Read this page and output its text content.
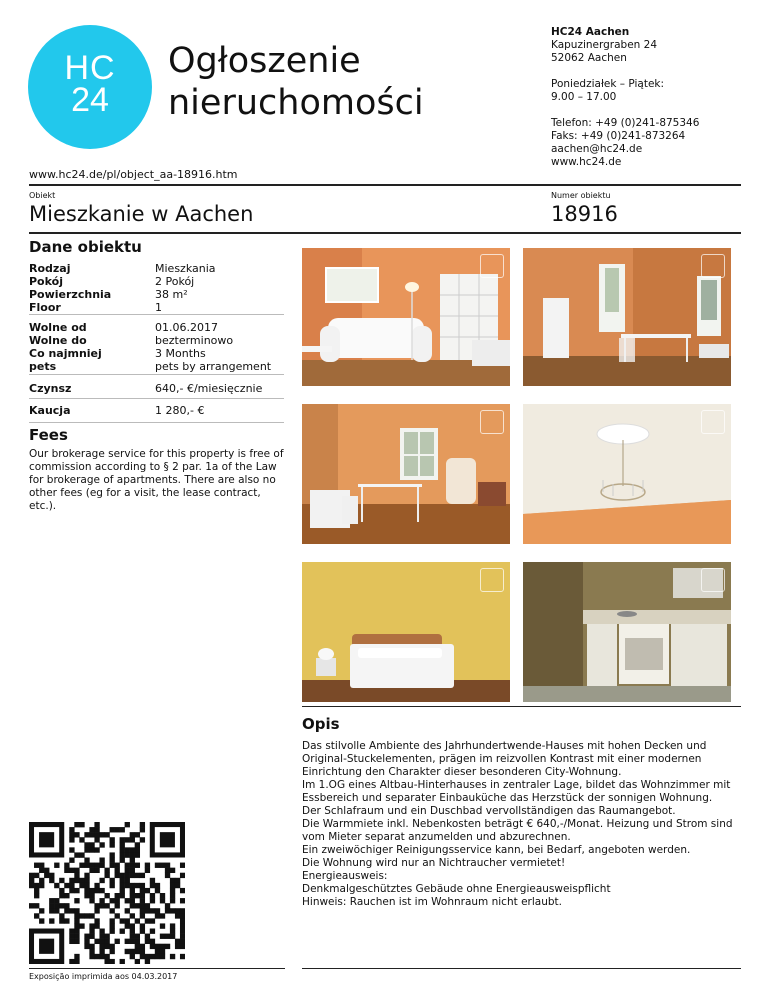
HC
24
Ogłoszenie
nieruchomości
HC24 Aachen
Kapuzinergraben 24
52062 Aachen
Poniedziałek – Piątek:
9.00 – 17.00
Telefon: +49 (0)241-875346
Faks: +49 (0)241-873264
aachen@hc24.de
www.hc24.de
www.hc24.de/pl/object_aa-18916.htm
Obiekt
Mieszkanie w Aachen
Numer obiektu
18916
Dane obiektu
Rodzaj	Mieszkania
Pokój	2 Pokój
Powierzchnia	38 m²
Floor	1
Wolne od	01.06.2017
Wolne do	bezterminowo
Co najmniej	3 Months
pets	pets by arrangement
Czynsz	640,- €/miesięcznie
Kaucja	1 280,- €
Fees
Our brokerage service for this property is free of commission according to § 2 par. 1a of the Law for brokerage of apartments. There are also no other fees (eg for a visit, the lease contract, etc.).
Opis
Das stilvolle Ambiente des Jahrhundertwende-Hauses mit hohen Decken und
Original-Stuckelementen, prägen im reizvollen Kontrast mit einer modernen
Einrichtung den Charakter dieser besonderen City-Wohnung.
Im 1.OG eines Altbau-Hinterhauses in zentraler Lage, bildet das Wohnzimmer mit
Essbereich und separater Einbauküche das Herzstück der sonnigen Wohnung.
Der Schlafraum und ein Duschbad vervollständigen das Raumangebot.
Die Warmmiete inkl. Nebenkosten beträgt € 640,-/Monat. Heizung und Strom sind
vom Mieter separat anzumelden und abzurechnen.
Ein zweiwöchiger Reinigungsservice kann, bei Bedarf, angeboten werden.
Die Wohnung wird nur an Nichtraucher vermietet!
Energieausweis:
Denkmalgeschütztes Gebäude ohne Energieausweispflicht
Hinweis: Rauchen ist im Wohnraum nicht erlaubt.
Exposição imprimida aos 04.03.2017
